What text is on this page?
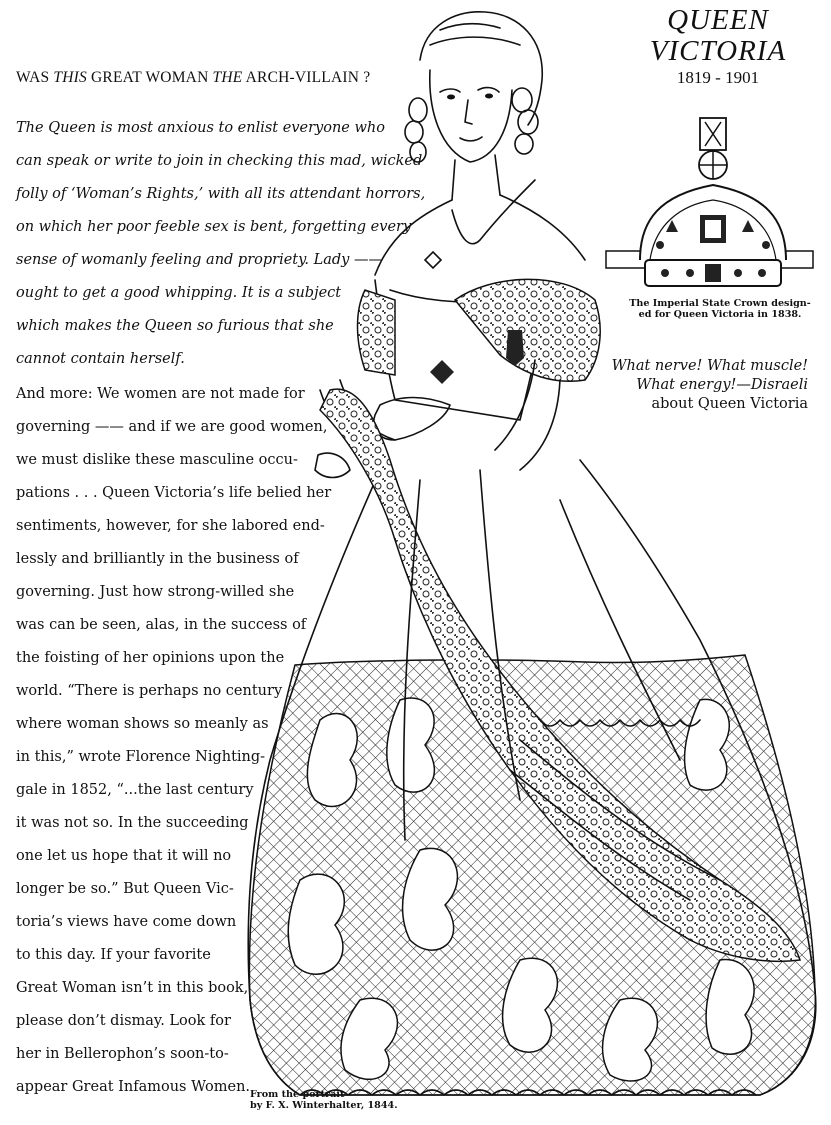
QUEEN
VICTORIA
1819 - 1901
WAS THIS GREAT WOMAN THE ARCH-VILLAIN ?
The Queen is most anxious to enlist everyone who
can speak or write to join in checking this mad, wicked
folly of ‘Woman’s Rights,’ with all its attendant horrors,
on which her poor feeble sex is bent, forgetting every
sense of womanly feeling and propriety. Lady ——
ought to get a good whipping. It is a subject
which makes the Queen so furious that she
cannot contain herself.
And more: We women are not made for
governing —— and if we are good women,
we must dislike these masculine occu-
pations . . . Queen Victoria’s life belied her
sentiments, however, for she labored end-
lessly and brilliantly in the business of
governing. Just how strong-willed she
was can be seen, alas, in the success of
the foisting of her opinions upon the
world. “There is perhaps no century
where woman shows so meanly as
in this,” wrote Florence Nighting-
gale in 1852, “...the last century
it was not so. In the succeeding
one let us hope that it will no
longer be so.” But Queen Vic-
toria’s views have come down
to this day. If your favorite
Great Woman isn’t in this book,
please don’t dismay. Look for
her in Bellerophon’s soon-to-
appear Great Infamous Women.
The Imperial State Crown design-
ed for Queen Victoria in 1838.
What nerve! What muscle!
What energy!—Disraeli
about Queen Victoria
From the portrait
by F. X. Winterhalter, 1844.
